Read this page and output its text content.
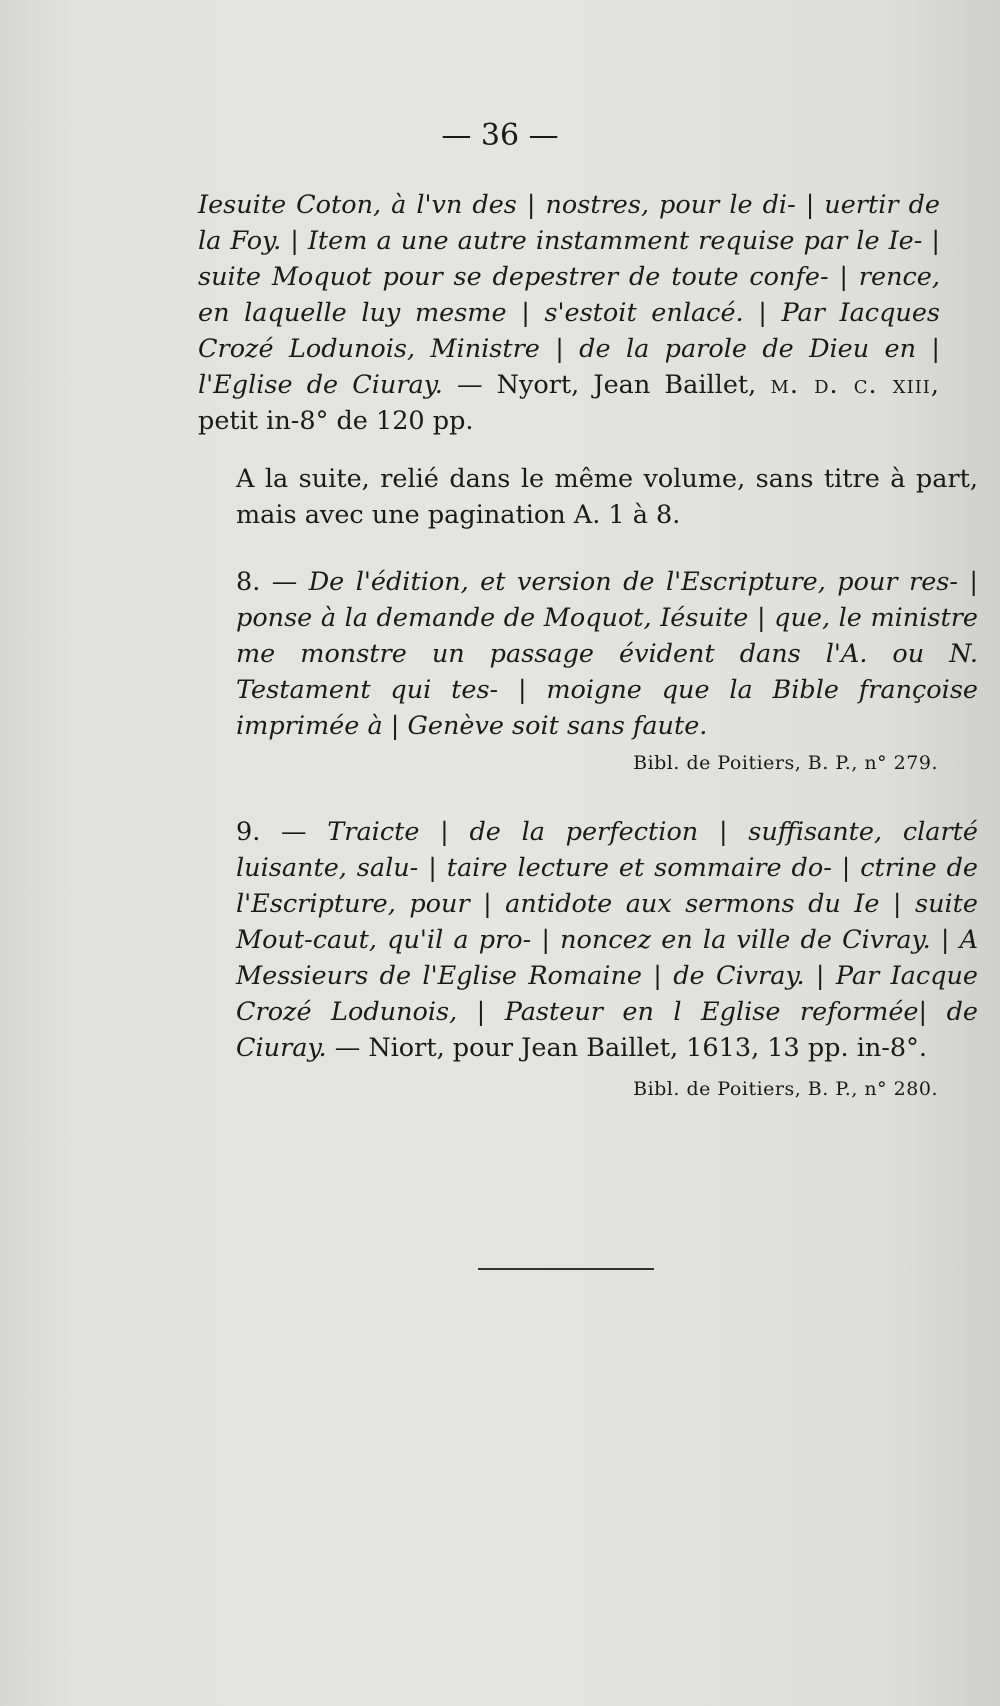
— 36 —
Iesuite Coton, à l'vn des | nostres, pour le di- | uertir de la Foy. | Item a une autre instamment requise par le Ie- | suite Moquot pour se depestrer de toute confe- | rence, en laquelle luy mesme | s'estoit enlacé. | Par Iacques Crozé Lodunois, Ministre | de la parole de Dieu en | l'Eglise de Ciuray. — Nyort, Jean Baillet, m. d. c. xiii, petit in-8° de 120 pp.
A la suite, relié dans le même volume, sans titre à part, mais avec une pagination A. 1 à 8.
8. — De l'édition, et version de l'Escripture, pour res- | ponse à la demande de Moquot, Iésuite | que, le ministre me monstre un passage évident dans l'A. ou N. Testament qui tes- | moigne que la Bible françoise imprimée à | Genève soit sans faute.
Bibl. de Poitiers, B. P., n° 279.
9. — Traicte | de la perfection | suffisante, clarté luisante, salu- | taire lecture et sommaire do- | ctrine de l'Escripture, pour | antidote aux sermons du Ie | suite Mout-caut, qu'il a pro- | noncez en la ville de Civray. | A Messieurs de l'Eglise Romaine | de Civray. | Par Iacque Crozé Lodunois, | Pasteur en l Eglise reformée| de Ciuray. — Niort, pour Jean Baillet, 1613, 13 pp. in-8°.
Bibl. de Poitiers, B. P., n° 280.
